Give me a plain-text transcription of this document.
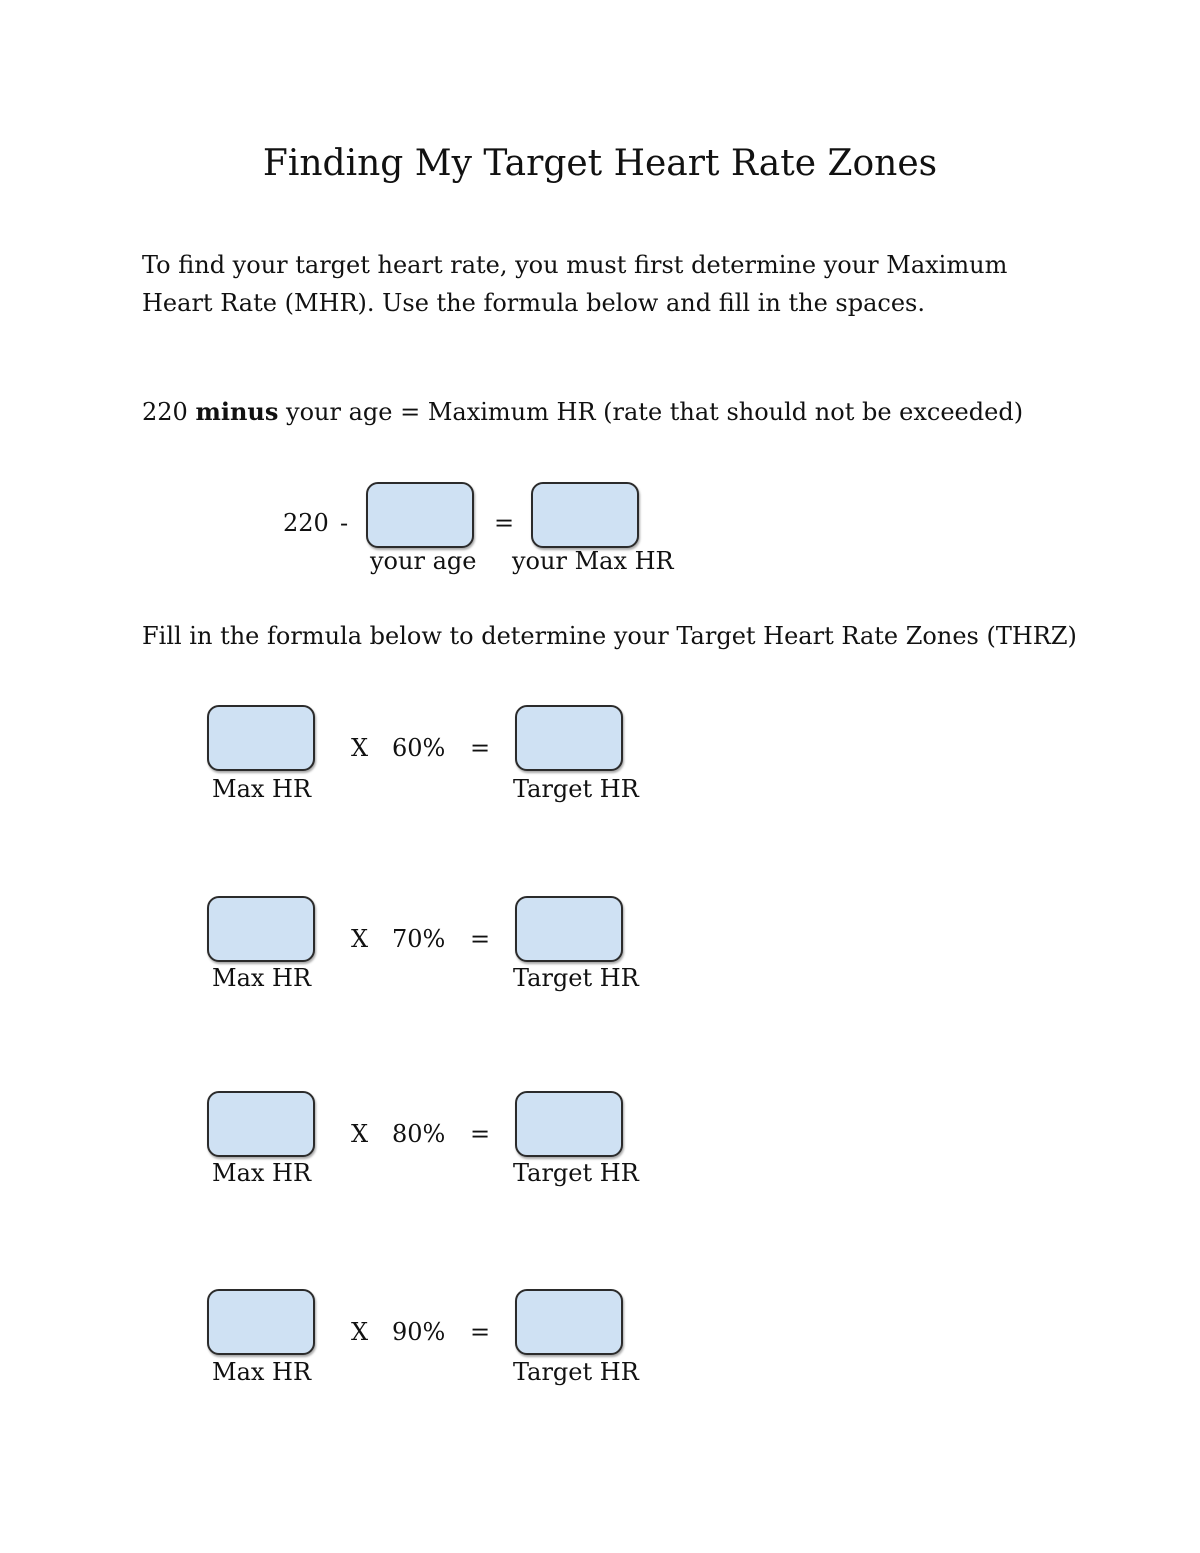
Finding My Target Heart Rate Zones
To find your target heart rate, you must first determine your Maximum Heart Rate (MHR). Use the formula below and fill in the spaces.
220 minus your age = Maximum HR (rate that should not be exceeded)
220 -	=
your age your Max HR
Fill in the formula below to determine your Target Heart Rate Zones (THRZ)
X 60% =
Max HR	Target HR
X 70% =
Max HR	Target HR
X 80% =
Max HR	Target HR
X 90% =
Max HR	Target HR
